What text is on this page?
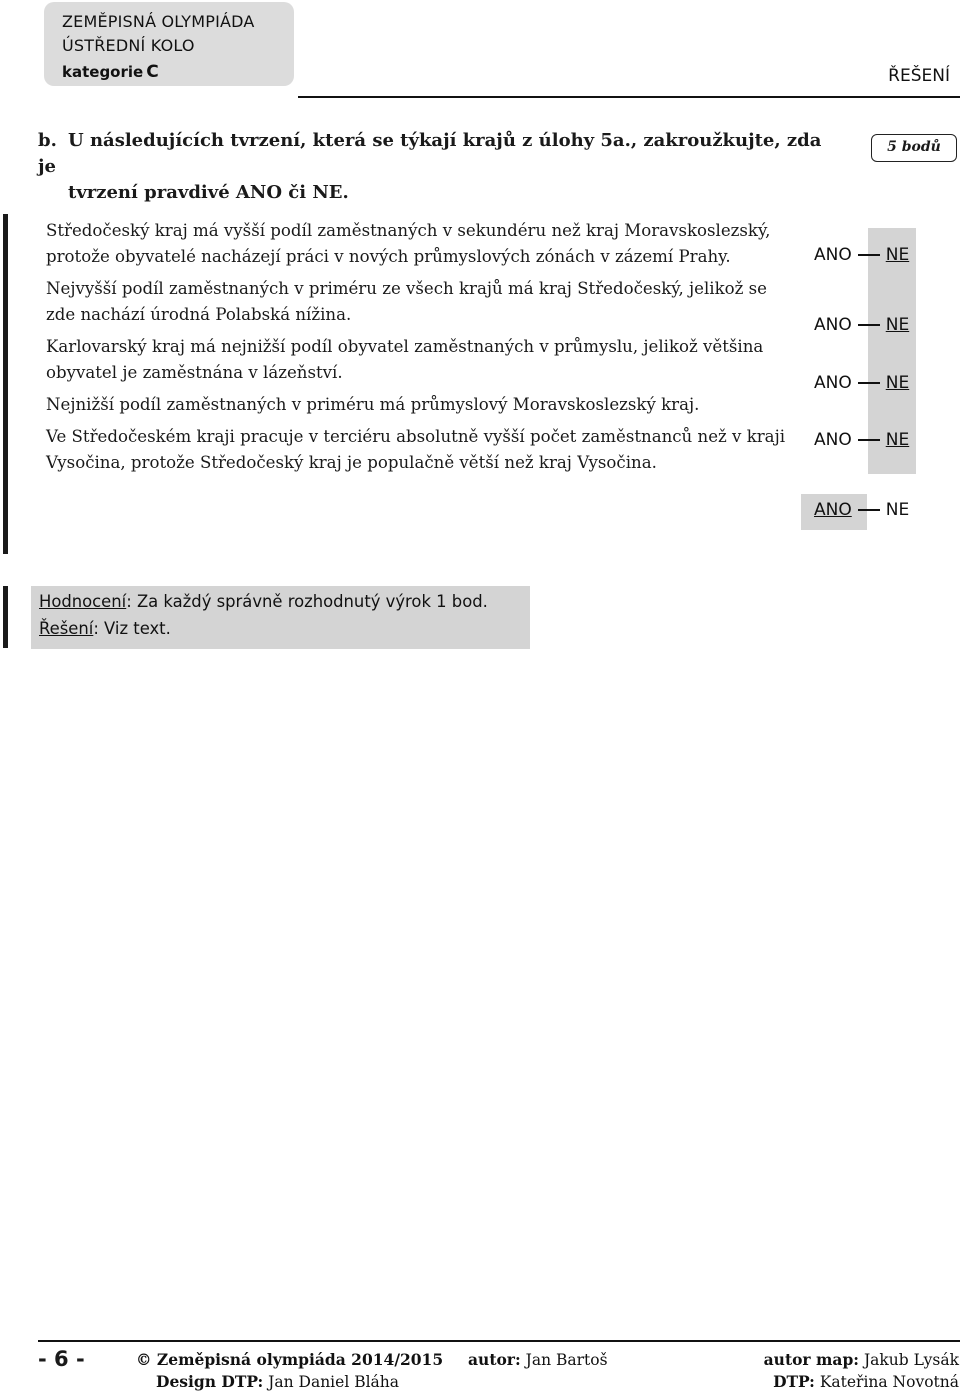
ZEMĚPISNÁ OLYMPIÁDA
ÚSTŘEDNÍ KOLO
kategorie C	ŘEŠENÍ
b. U následujících tvrzení, která se týkají krajů z úlohy 5a., zakroužkujte, zda je
tvrzení pravdivé ANO či NE.
5 bodů
Středočeský kraj má vyšší podíl zaměstnaných v sekundéru než kraj Moravskoslezský, protože obyvatelé nacházejí práci v nových průmyslových zónách v zázemí Prahy.
Nejvyšší podíl zaměstnaných v priméru ze všech krajů má kraj Středočeský, jelikož se zde nachází úrodná Polabská nížina.
Karlovarský kraj má nejnižší podíl obyvatel zaměstnaných v průmyslu, jelikož většina obyvatel je zaměstnána v lázeňství.
Nejnižší podíl zaměstnaných v priméru má průmyslový Moravskoslezský kraj.
Ve Středočeském kraji pracuje v terciéru absolutně vyšší počet zaměstnanců než v kraji Vysočina, protože Středočeský kraj je populačně větší než kraj Vysočina.
ANO NE
ANO NE
ANO NE
ANO NE
ANO NE
Hodnocení: Za každý správně rozhodnutý výrok 1 bod.
Řešení: Viz text.
- 6 -	© Zeměpisná olympiáda 2014/2015 autor: Jan Bartoš	autor map: Jakub Lysák
Design DTP: Jan Daniel Bláha	DTP: Kateřina Novotná
